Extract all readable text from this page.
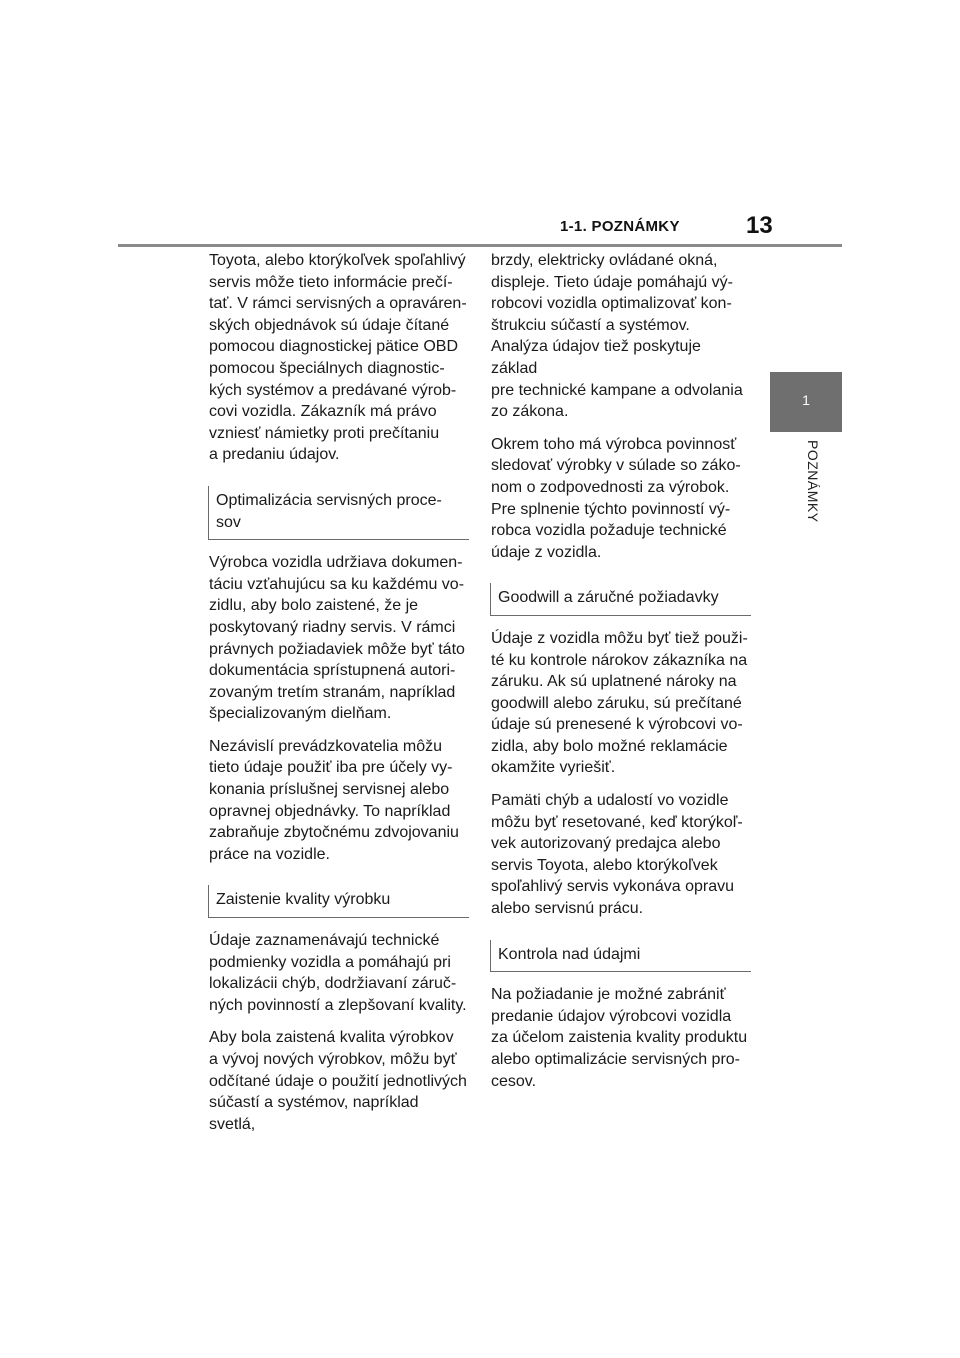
1-1. POZNÁMKY	13
1
POZNÁMKY

Toyota, alebo ktorýkoľvek spoľahlivý
servis môže tieto informácie prečí-
tať. V rámci servisných a opraváren-
ských objednávok sú údaje čítané
pomocou diagnostickej pätice OBD
pomocou špeciálnych diagnostic-
kých systémov a predávané výrob-
covi vozidla. Zákazník má právo
vzniesť námietky proti prečítaniu
a predaniu údajov.

Optimalizácia servisných proce-
sov

Výrobca vozidla udržiava dokumen-
táciu vzťahujúcu sa ku každému vo-
zidlu, aby bolo zaistené, že je
poskytovaný riadny servis. V rámci
právnych požiadaviek môže byť táto
dokumentácia sprístupnená autori-
zovaným tretím stranám, napríklad
špecializovaným dielňam.

Nezávislí prevádzkovatelia môžu
tieto údaje použiť iba pre účely vy-
konania príslušnej servisnej alebo
opravnej objednávky. To napríklad
zabraňuje zbytočnému zdvojovaniu
práce na vozidle.

Zaistenie kvality výrobku

Údaje zaznamenávajú technické
podmienky vozidla a pomáhajú pri
lokalizácii chýb, dodržiavaní záruč-
ných povinností a zlepšovaní kvality.

Aby bola zaistená kvalita výrobkov
a vývoj nových výrobkov, môžu byť
odčítané údaje o použití jednotlivých
súčastí a systémov, napríklad svetlá,

brzdy, elektricky ovládané okná,
displeje. Tieto údaje pomáhajú vý-
robcovi vozidla optimalizovať kon-
štrukciu súčastí a systémov.
Analýza údajov tiež poskytuje základ
pre technické kampane a odvolania
zo zákona.

Okrem toho má výrobca povinnosť
sledovať výrobky v súlade so záko-
nom o zodpovednosti za výrobok.
Pre splnenie týchto povinností vý-
robca vozidla požaduje technické
údaje z vozidla.

Goodwill a záručné požiadavky

Údaje z vozidla môžu byť tiež použi-
té ku kontrole nárokov zákazníka na
záruku. Ak sú uplatnené nároky na
goodwill alebo záruku, sú prečítané
údaje sú prenesené k výrobcovi vo-
zidla, aby bolo možné reklamácie
okamžite vyriešiť.

Pamäti chýb a udalostí vo vozidle
môžu byť resetované, keď ktorýkoľ-
vek autorizovaný predajca alebo
servis Toyota, alebo ktorýkoľvek
spoľahlivý servis vykonáva opravu
alebo servisnú prácu.

Kontrola nad údajmi

Na požiadanie je možné zabrániť
predanie údajov výrobcovi vozidla
za účelom zaistenia kvality produktu
alebo optimalizácie servisných pro-
cesov.
